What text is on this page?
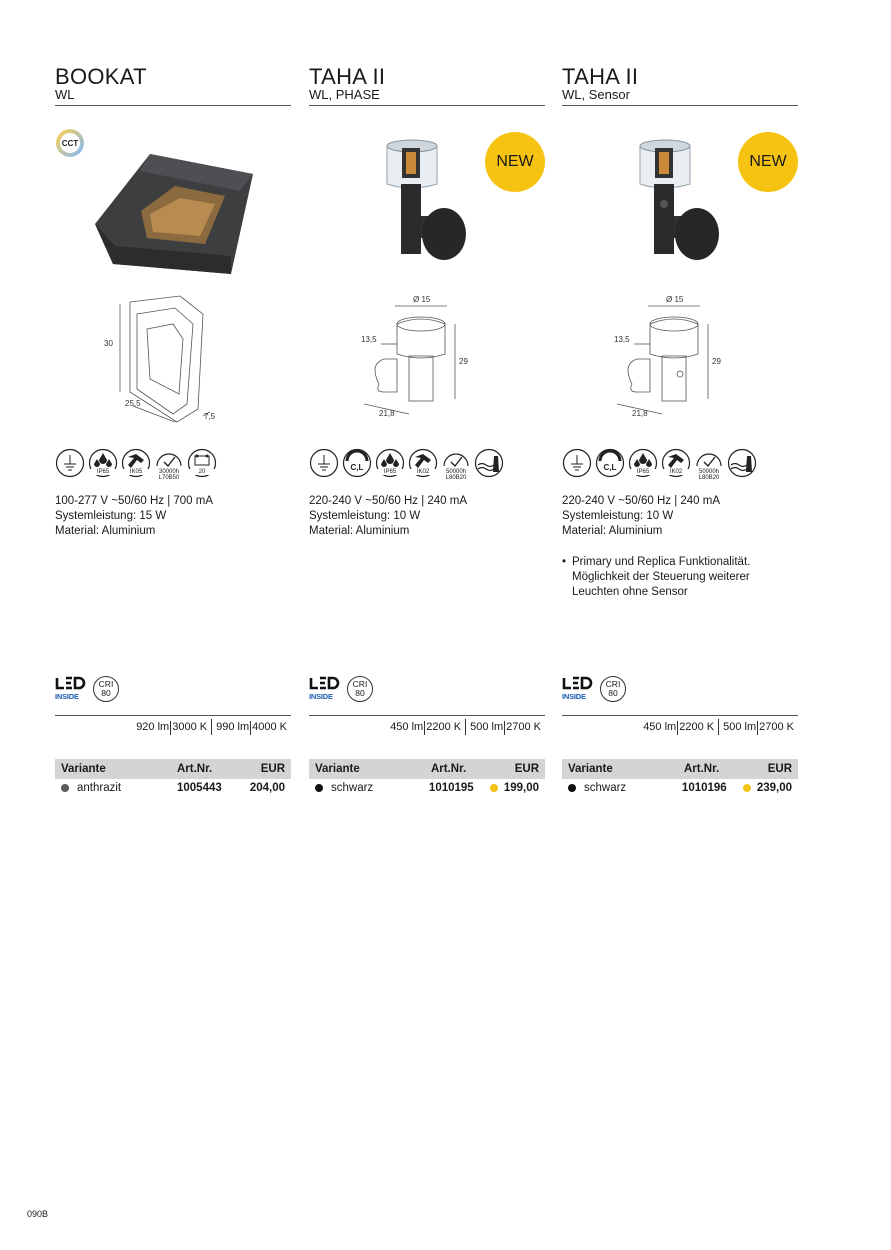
BOOKAT
WL
CCT
30
25,5
7,5
IP65	IK05	30000h L70B50
20
100-277 V ~50/60 Hz | 700 mA
Systemleistung: 15 W
Material: Aluminium
INSIDE
CRI
80
920 lm 3000 K 990 lm 4000 K
Variante	Art.Nr.	EUR
anthrazit	1005443	204,00
TAHA II
WL, PHASE
NEW
Ø 15
13,5
29
21,8
C,L	IP65	IK02	50000h L80B20
220-240 V ~50/60 Hz | 240 mA
Systemleistung: 10 W
Material: Aluminium
INSIDE
CRI
80
450 lm 2200 K 500 lm 2700 K
Variante	Art.Nr.	EUR
schwarz	1010195	199,00
TAHA II
WL, Sensor
NEW
Ø 15
13,5
29
21,8
C,L	IP65	IK02	50000h L80B20
220-240 V ~50/60 Hz | 240 mA
Systemleistung: 10 W
Material: Aluminium
• Primary und Replica Funktionalität. Möglichkeit der Steuerung weiterer Leuchten ohne Sensor
INSIDE
CRI
80
450 lm 2200 K 500 lm 2700 K
Variante	Art.Nr.	EUR
schwarz	1010196	239,00
090B
